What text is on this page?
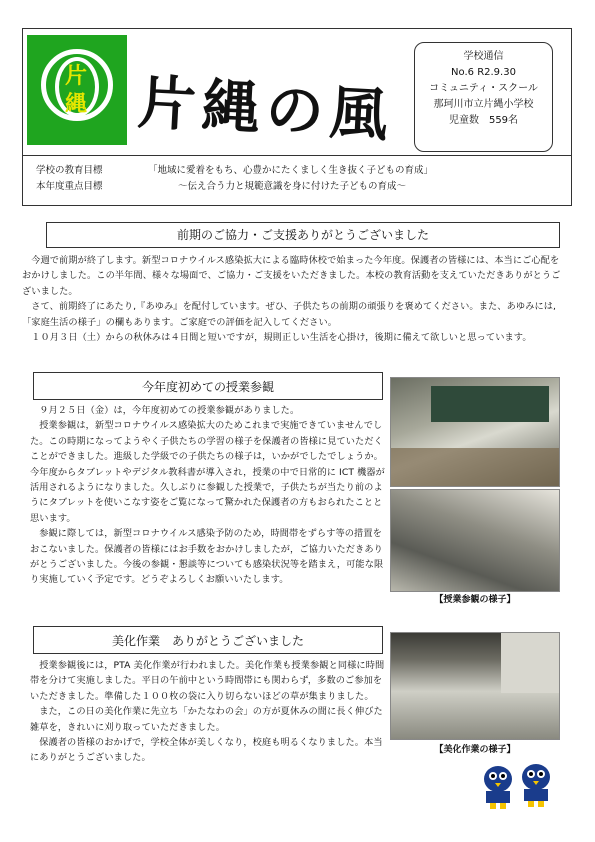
片
縄 片縄の風
学校通信
No.6 R2.9.30
コミュニティ・スクール
那珂川市立片縄小学校
児童数　559名
学校の教育目標	「地域に愛着をもち、心豊かにたくましく生き抜く子どもの育成」
本年度重点目標	～伝え合う力と規範意識を身に付けた子どもの育成～
前期のご協力・ご支援ありがとうございました

今週で前期が終了します。新型コロナウイルス感染拡大による臨時休校で始まった今年度。保護者の皆様には、本当にご心配をおかけしました。この半年間、様々な場面で、ご協力・ご支援をいただきました。本校の教育活動を支えていただきありがとうございました。

さて、前期終了にあたり,『あゆみ』を配付しています。ぜひ、子供たちの前期の頑張りを褒めてください。また、あゆみには,「家庭生活の様子」の欄もあります。ご家庭での評価を記入してください。

１０月３日（土）からの秋休みは４日間と短いですが，規則正しい生活を心掛け，後期に備えて欲しいと思っています。

今年度初めての授業参観

９月２５日（金）は，今年度初めての授業参観がありました。

授業参観は，新型コロナウイルス感染拡大のためこれまで実施できていませんでした。この時期になってようやく子供たちの学習の様子を保護者の皆様に見ていただくことができました。進級した学級での子供たちの様子は，いかがでしたでしょうか。今年度からタブレットやデジタル教科書が導入され，授業の中で日常的に ICT 機器が活用されるようになりました。久しぶりに参観した授業で，子供たちが当たり前のようにタブレットを使いこなす姿をご覧になって驚かれた保護者の方もおられたことと思います。

参観に際しては，新型コロナウイルス感染予防のため，時間帯をずらす等の措置をおこないました。保護者の皆様にはお手数をおかけしましたが，ご協力いただきありがとうございました。今後の参観・懇談等についても感染状況等を踏まえ，可能な限り実施していく予定です。どうぞよろしくお願いいたします。

【授業参観の様子】
美化作業　ありがとうございました

授業参観後には，PTA 美化作業が行われました。美化作業も授業参観と同様に時間帯を分けて実施しました。平日の午前中という時間帯にも関わらず，多数のご参加をいただきました。準備した１００枚の袋に入り切らないほどの草が集まりました。

また，この日の美化作業に先立ち「かたなわの会」の方が夏休みの間に長く伸びた雑草を，きれいに刈り取っていただきました。

保護者の皆様のおかげで，学校全体が美しくなり，校庭も明るくなりました。本当にありがとうございました。

【美化作業の様子】
